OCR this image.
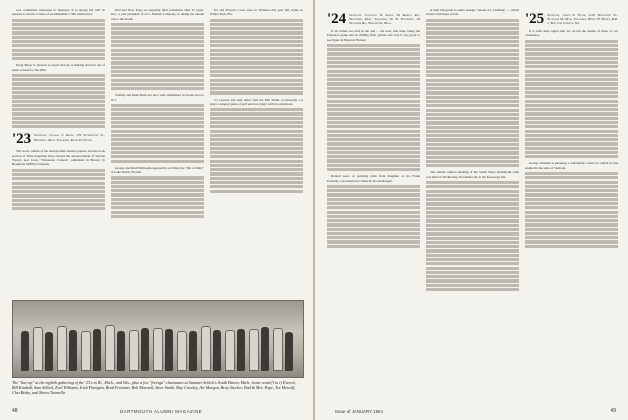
was committed wholesale to business. It is strong but will be pleased to receive a news of Grandmother's 70th anniversary.

Doug Beyer is pleased to report that he is making the best out of plans to head for the 40th.

'23 Secretary, Charles T. Reese, 176 Washington St., Haverhill, Mass. Treasurer, Roger D. Woods

The book column of the metropolitan Sunday papers, and the book section of Time magazine have carried the announcement of Warren Tryon's new book, "Parnassus Corners", published in Boston by Houghton Mifflin Company.

Dad and Dorr Pope are enjoying their retirement after 35 years. Doc, a past president of A.C. Nielsen Company, is taking his annual trip to the South.

Tommy and Ruth Barth are now well established in Ocean Grove, N.J.

George and Ruth Whiteside apparently are living the "life of Riley" at Lake Worth, Florida.

Ed and Frances Cook were in Vermont this past fall, home in Winter Park, Fla.

Cy Gordon and wife Alice visit the Phil Smith occasionally. Cy plays a snappy game of golf and now plays with his grandsons.

The "line-up" at the eightth gathering of the '23's in Ill., Mich., and Wis., plus a few "foreign" classmates at Summer Sellick's South Haven, Mich., home word (l to r) Everett, Bill Kimball, Sam Sellick, Earl Williams, Irish Flanigan, Brad Freeman, Bob Maxwell, Steer Smith, Hay Crowley, Art Morgan, Bray Stocker, Dad & Mrs. Pope, Tex Metcalf, Chet Bixby, and Shorn Tuomella.
48	DARTMOUTH ALUMNI MAGAZINE
'24 Secretary, Chauncey N. Allen, 29 Ramsay Rd., Westfield, Mass. Treasurer, W. B. Woodbury, 29 Woodside Rd., Winchester, Mass.

It all comes out well in the end ... the next, this time, being the Princeton game and in chilling final quarter and won it was good to see figure in Hanover Barney.

Roland news of wedding bells from daughter of Ira Frank Kavitsky, was married to Jamie B. Roodenburger.

at their 6th grade as entire antique "About A.J. Liebling" — which started with these words.

The annual reunion meeting of the South Shore Dartmouth Club was held on Wednesday, November 20, at the Kearsarge Inn.

'25 Secretary, Joseph E. Frank, 2125 Worcester St., Waltham 54, Mass. Treasurer, Henry W. Haines, R.R. 1, Box 114, Chester, N.J.

It is with deep regret that we record the deaths of three of our classmates.

George Amsden is pursuing a remarkable career for which he has studied in the state of Vermont.

Issue of JANUARY 1964	49
